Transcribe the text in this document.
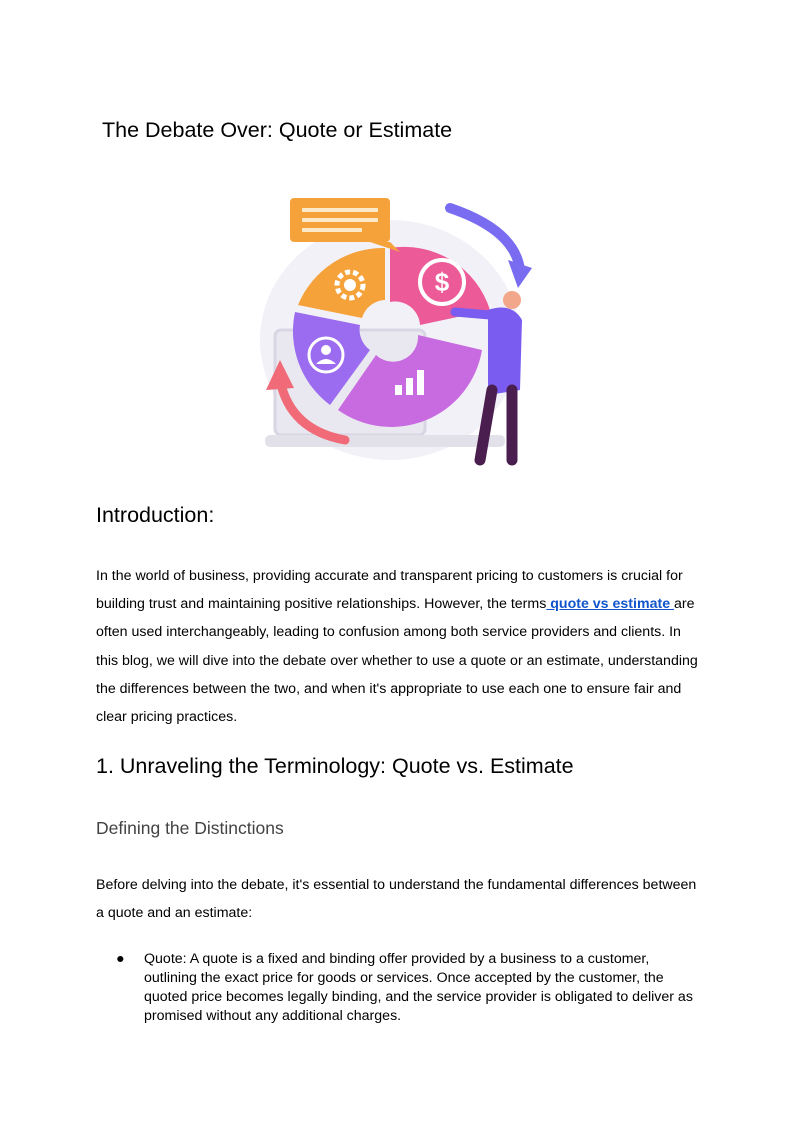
The Debate Over: Quote or Estimate
$
Introduction:

In the world of business, providing accurate and transparent pricing to customers is crucial for building trust and maintaining positive relationships. However, the terms quote vs estimate are often used interchangeably, leading to confusion among both service providers and clients. In this blog, we will dive into the debate over whether to use a quote or an estimate, understanding the differences between the two, and when it's appropriate to use each one to ensure fair and clear pricing practices.

1. Unraveling the Terminology: Quote vs. Estimate
Defining the Distinctions

Before delving into the debate, it's essential to understand the fundamental differences between a quote and an estimate:

● Quote: A quote is a fixed and binding offer provided by a business to a customer, outlining the exact price for goods or services. Once accepted by the customer, the quoted price becomes legally binding, and the service provider is obligated to deliver as promised without any additional charges.
